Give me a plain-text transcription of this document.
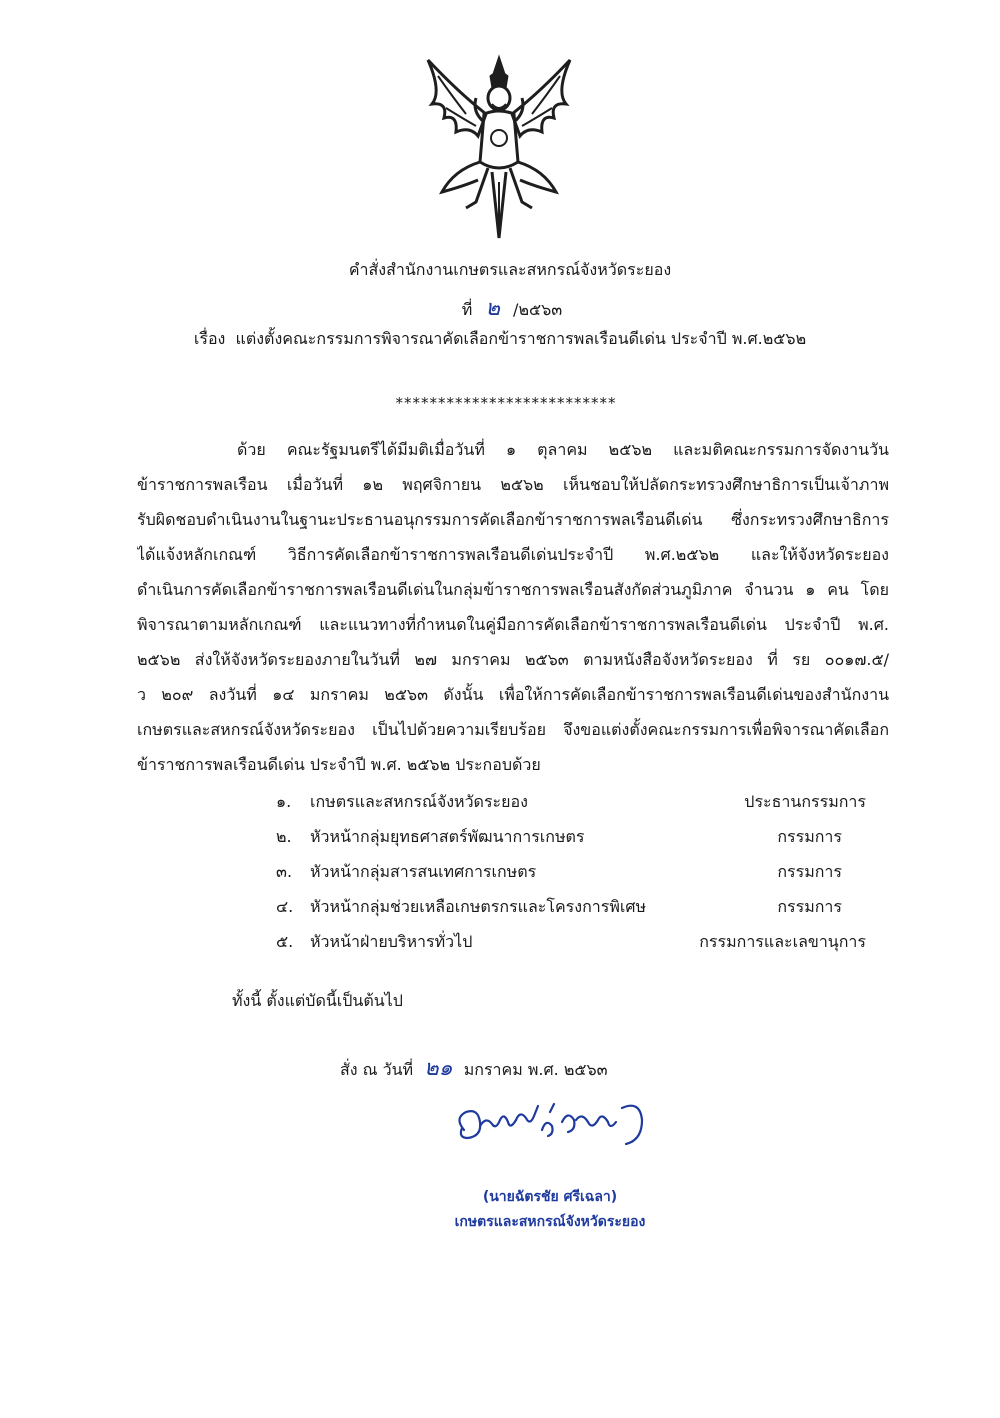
คำสั่งสำนักงานเกษตรและสหกรณ์จังหวัดระยอง
ที่ ๒ /๒๕๖๓
เรื่อง แต่งตั้งคณะกรรมการพิจารณาคัดเลือกข้าราชการพลเรือนดีเด่น ประจำปี พ.ศ.๒๕๖๒
**************************
ด้วย คณะรัฐมนตรีได้มีมติเมื่อวันที่ ๑ ตุลาคม ๒๕๖๒ และมติคณะกรรมการจัดงานวัน
ข้าราชการพลเรือน เมื่อวันที่ ๑๒ พฤศจิกายน ๒๕๖๒ เห็นชอบให้ปลัดกระทรวงศึกษาธิการเป็นเจ้าภาพ
รับผิดชอบดำเนินงานในฐานะประธานอนุกรรมการคัดเลือกข้าราชการพลเรือนดีเด่น ซึ่งกระทรวงศึกษาธิการ
ได้แจ้งหลักเกณฑ์ วิธีการคัดเลือกข้าราชการพลเรือนดีเด่นประจำปี พ.ศ.๒๕๖๒ และให้จังหวัดระยอง
ดำเนินการคัดเลือกข้าราชการพลเรือนดีเด่นในกลุ่มข้าราชการพลเรือนสังกัดส่วนภูมิภาค จำนวน ๑ คน โดย
พิจารณาตามหลักเกณฑ์ และแนวทางที่กำหนดในคู่มือการคัดเลือกข้าราชการพลเรือนดีเด่น ประจำปี พ.ศ.
๒๕๖๒ ส่งให้จังหวัดระยองภายในวันที่ ๒๗ มกราคม ๒๕๖๓ ตามหนังสือจังหวัดระยอง ที่ รย ๐๐๑๗.๕/
ว ๒๐๙ ลงวันที่ ๑๔ มกราคม ๒๕๖๓ ดังนั้น เพื่อให้การคัดเลือกข้าราชการพลเรือนดีเด่นของสำนักงาน
เกษตรและสหกรณ์จังหวัดระยอง เป็นไปด้วยความเรียบร้อย จึงขอแต่งตั้งคณะกรรมการเพื่อพิจารณาคัดเลือก
ข้าราชการพลเรือนดีเด่น ประจำปี พ.ศ. ๒๕๖๒ ประกอบด้วย
๑. เกษตรและสหกรณ์จังหวัดระยอง	ประธานกรรมการ
๒. หัวหน้ากลุ่มยุทธศาสตร์พัฒนาการเกษตร	กรรมการ
๓. หัวหน้ากลุ่มสารสนเทศการเกษตร	กรรมการ
๔. หัวหน้ากลุ่มช่วยเหลือเกษตรกรและโครงการพิเศษ	กรรมการ
๕. หัวหน้าฝ่ายบริหารทั่วไป	กรรมการและเลขานุการ
ทั้งนี้ ตั้งแต่บัดนี้เป็นต้นไป
สั่ง ณ วันที่ ๒๑ มกราคม พ.ศ. ๒๕๖๓
(นายฉัตรชัย ศรีเฉลา)
เกษตรและสหกรณ์จังหวัดระยอง
